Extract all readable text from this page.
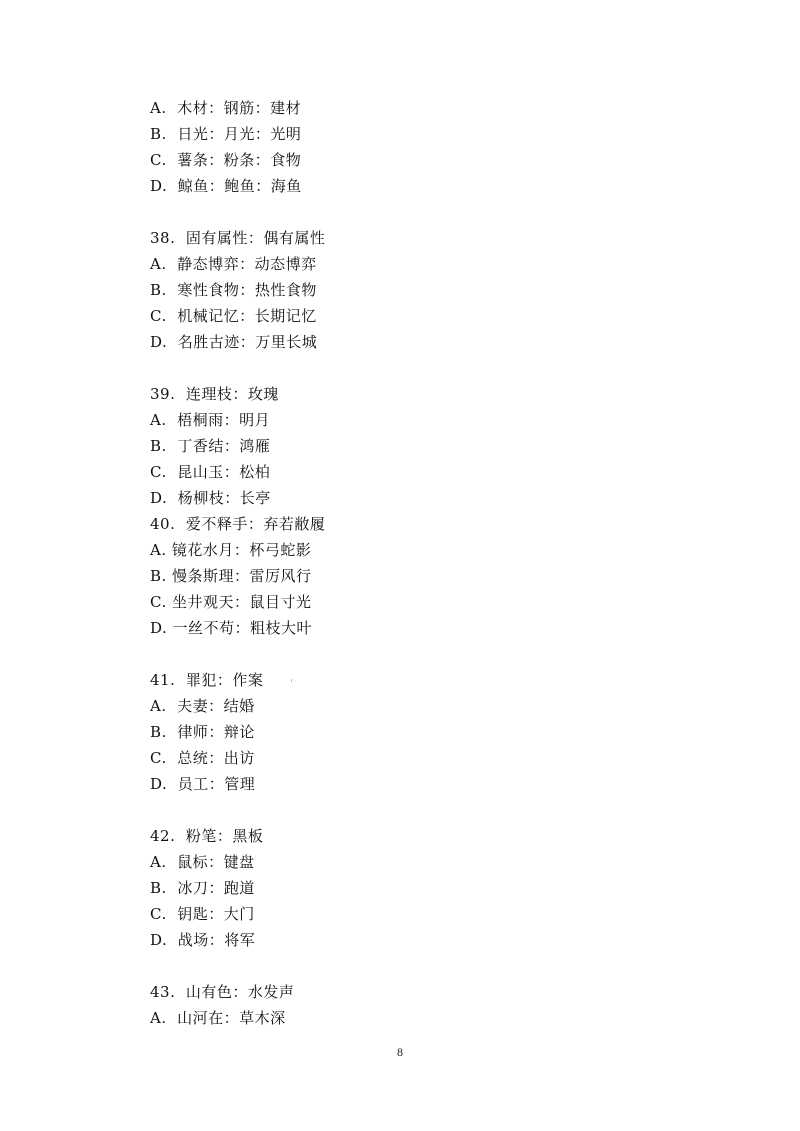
A.  木材：钢筋：建材
B.  日光：月光：光明
C.  薯条：粉条：食物
D.  鲸鱼：鲍鱼：海鱼
38.  固有属性：偶有属性
A.  静态博弈：动态博弈
B.  寒性食物：热性食物
C.  机械记忆：长期记忆
D.  名胜古迹：万里长城
39.  连理枝：玫瑰
A.  梧桐雨：明月
B.  丁香结：鸿雁
C.  昆山玉：松柏
D.  杨柳枝：长亭
40.  爱不释手：弃若敝履
A. 镜花水月：杯弓蛇影
B. 慢条斯理：雷厉风行
C. 坐井观天：鼠目寸光
D. 一丝不苟：粗枝大叶
41.  罪犯：作案
A.  夫妻：结婚
B.  律师：辩论
C.  总统：出访
D.  员工：管理
42.  粉笔：黑板
A.  鼠标：键盘
B.  冰刀：跑道
C.  钥匙：大门
D.  战场：将军
43.  山有色：水发声
A.  山河在：草木深
8
